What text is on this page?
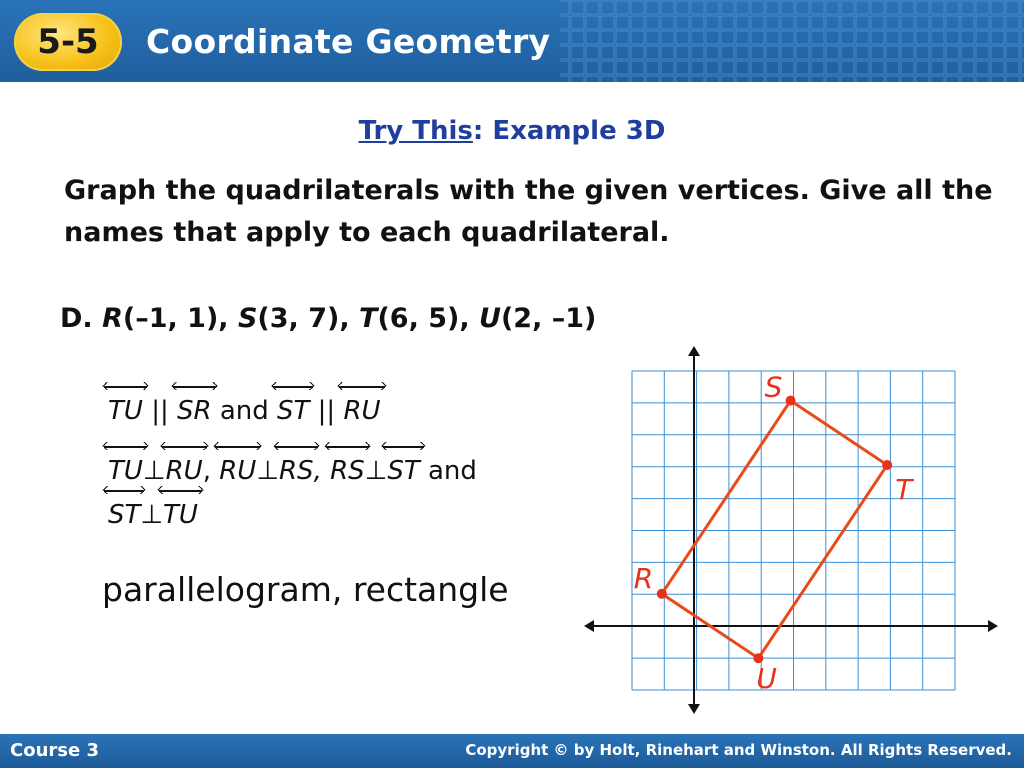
5-5	Coordinate Geometry
Try This: Example 3D
Graph the quadrilaterals with the given vertices. Give all the names that apply to each quadrilateral.
D. R(–1, 1), S(3, 7), T(6, 5), U(2, –1)
TU || SR and ST || RU
TU⊥RU, RU⊥RS, RS⊥ST and
ST⊥TU
parallelogram, rectangle
S
T
U
R
Course 3	Copyright © by Holt, Rinehart and Winston. All Rights Reserved.
